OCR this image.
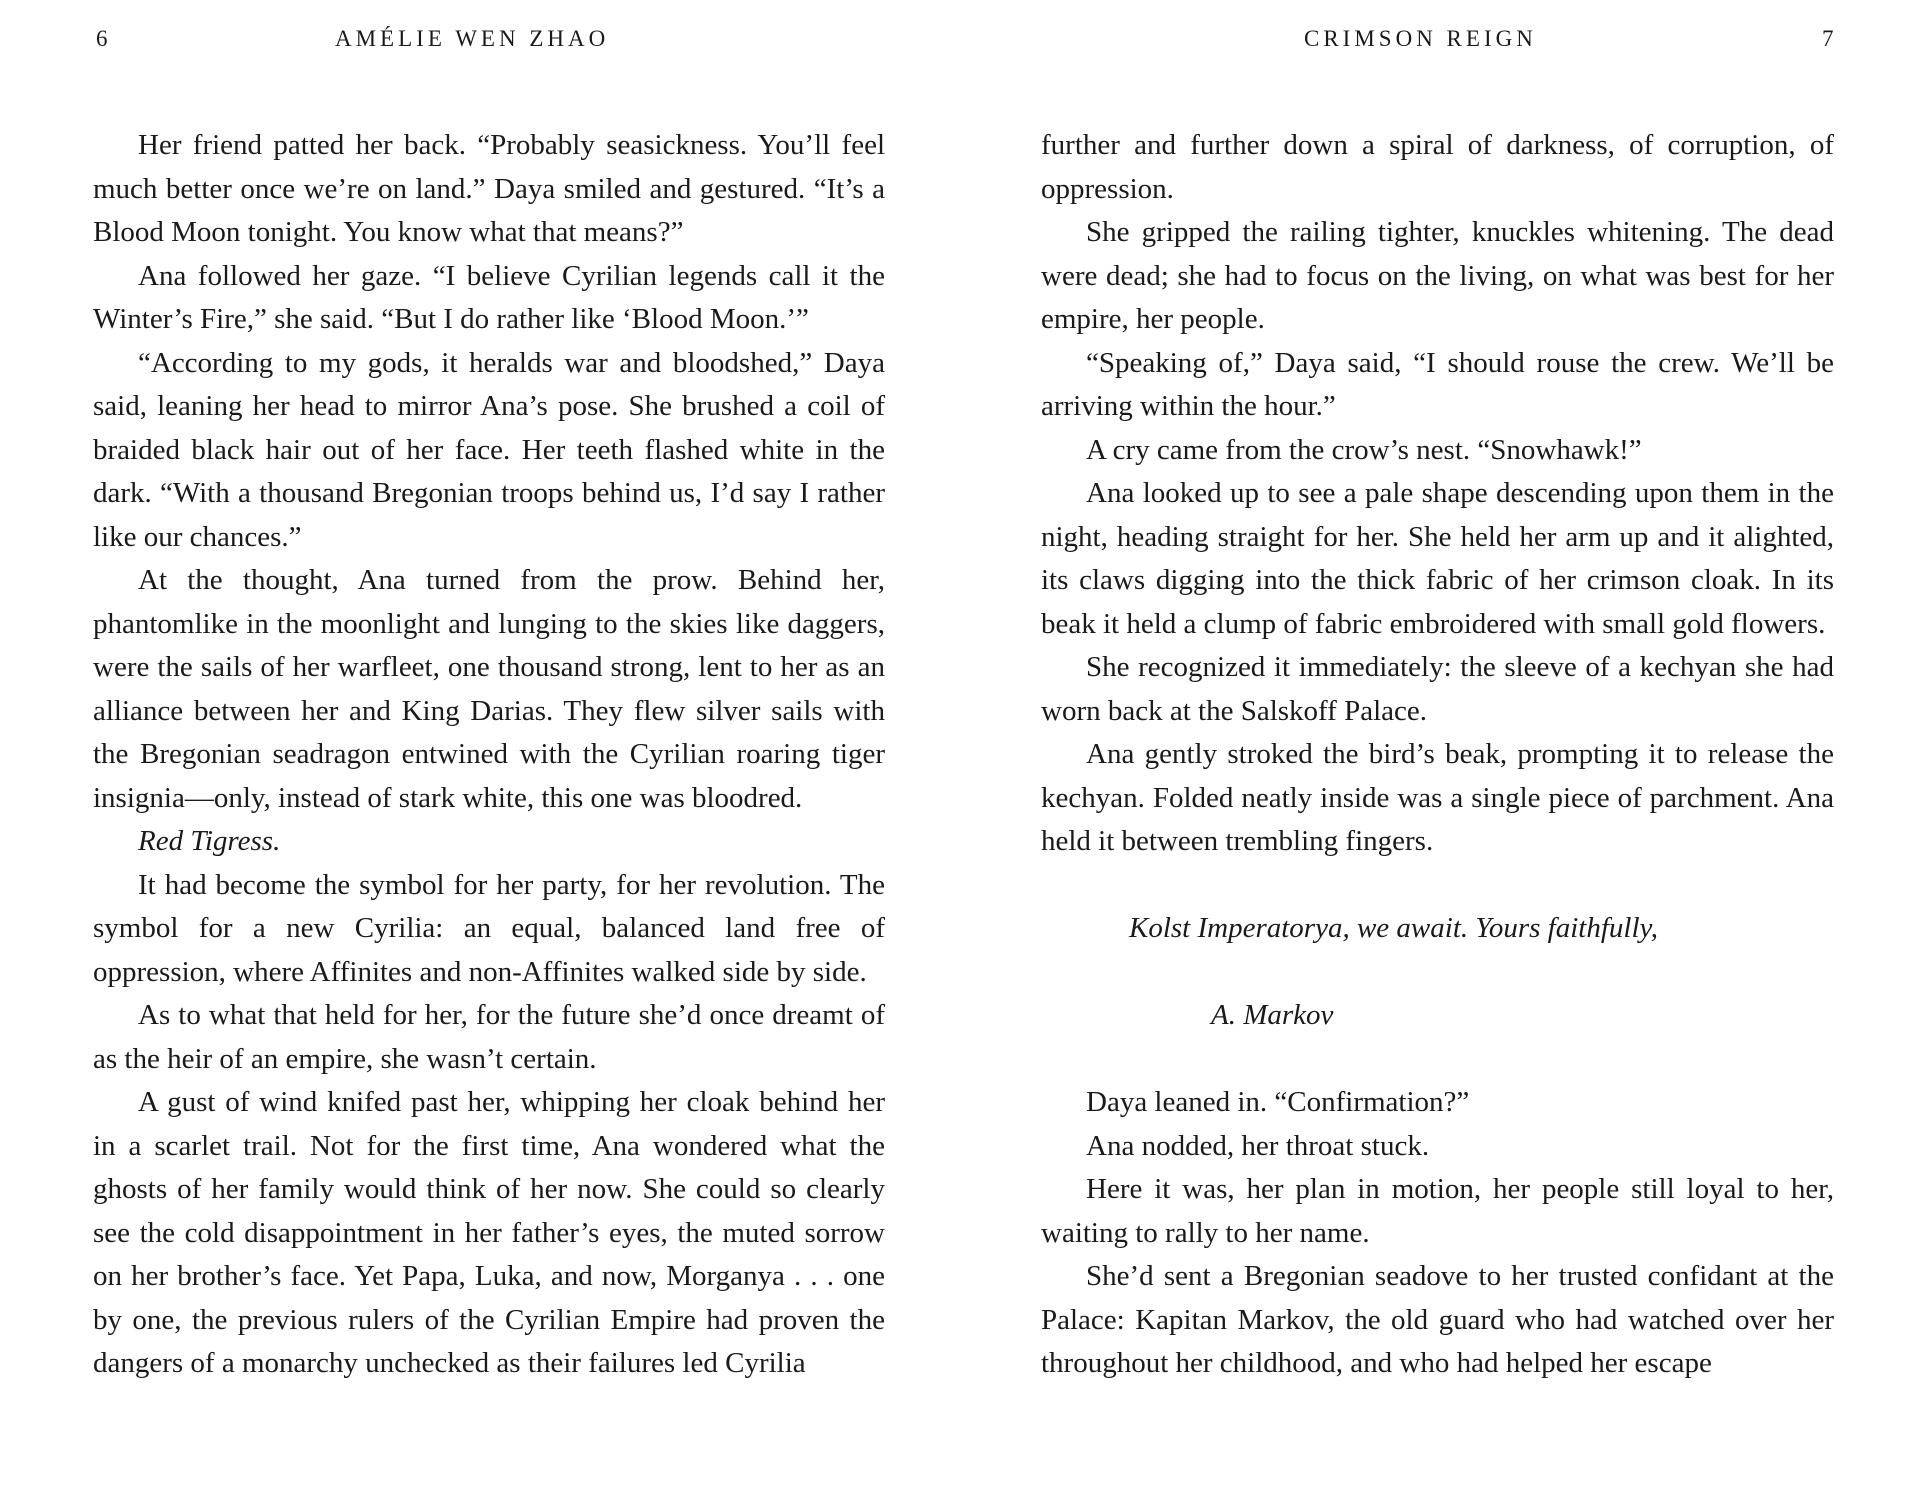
6	AMÉLIE WEN ZHAO

Her friend patted her back. “Probably seasickness. You’ll feel much better once we’re on land.” Daya smiled and gestured. “It’s a Blood Moon tonight. You know what that means?”

Ana followed her gaze. “I believe Cyrilian legends call it the Winter’s Fire,” she said. “But I do rather like ‘Blood Moon.’”

“According to my gods, it heralds war and bloodshed,” Daya said, leaning her head to mirror Ana’s pose. She brushed a coil of braided black hair out of her face. Her teeth flashed white in the dark. “With a thousand Bregonian troops behind us, I’d say I rather like our chances.”

At the thought, Ana turned from the prow. Behind her, phantomlike in the moonlight and lunging to the skies like daggers, were the sails of her warfleet, one thousand strong, lent to her as an alliance between her and King Darias. They flew silver sails with the Bregonian seadragon entwined with the Cyrilian roaring tiger insignia—only, instead of stark white, this one was bloodred.

Red Tigress.

It had become the symbol for her party, for her revolution. The symbol for a new Cyrilia: an equal, balanced land free of oppression, where Affinites and non-Affinites walked side by side.

As to what that held for her, for the future she’d once dreamt of as the heir of an empire, she wasn’t certain.

A gust of wind knifed past her, whipping her cloak behind her in a scarlet trail. Not for the first time, Ana wondered what the ghosts of her family would think of her now. She could so clearly see the cold disappointment in her father’s eyes, the muted sorrow on her brother’s face. Yet Papa, Luka, and now, Morganya . . . one by one, the previous rulers of the Cyrilian Empire had proven the dangers of a monarchy unchecked as their failures led Cyrilia

CRIMSON REIGN	7

further and further down a spiral of darkness, of corruption, of oppression.

She gripped the railing tighter, knuckles whitening. The dead were dead; she had to focus on the living, on what was best for her empire, her people.

“Speaking of,” Daya said, “I should rouse the crew. We’ll be arriving within the hour.”

A cry came from the crow’s nest. “Snowhawk!”

Ana looked up to see a pale shape descending upon them in the night, heading straight for her. She held her arm up and it alighted, its claws digging into the thick fabric of her crimson cloak. In its beak it held a clump of fabric embroidered with small gold flowers.

She recognized it immediately: the sleeve of a kechyan she had worn back at the Salskoff Palace.

Ana gently stroked the bird’s beak, prompting it to release the kechyan. Folded neatly inside was a single piece of parchment. Ana held it between trembling fingers.

Kolst Imperatorya, we await. Yours faithfully,

A. Markov

Daya leaned in. “Confirmation?”

Ana nodded, her throat stuck.

Here it was, her plan in motion, her people still loyal to her, waiting to rally to her name.

She’d sent a Bregonian seadove to her trusted confidant at the Palace: Kapitan Markov, the old guard who had watched over her throughout her childhood, and who had helped her escape
